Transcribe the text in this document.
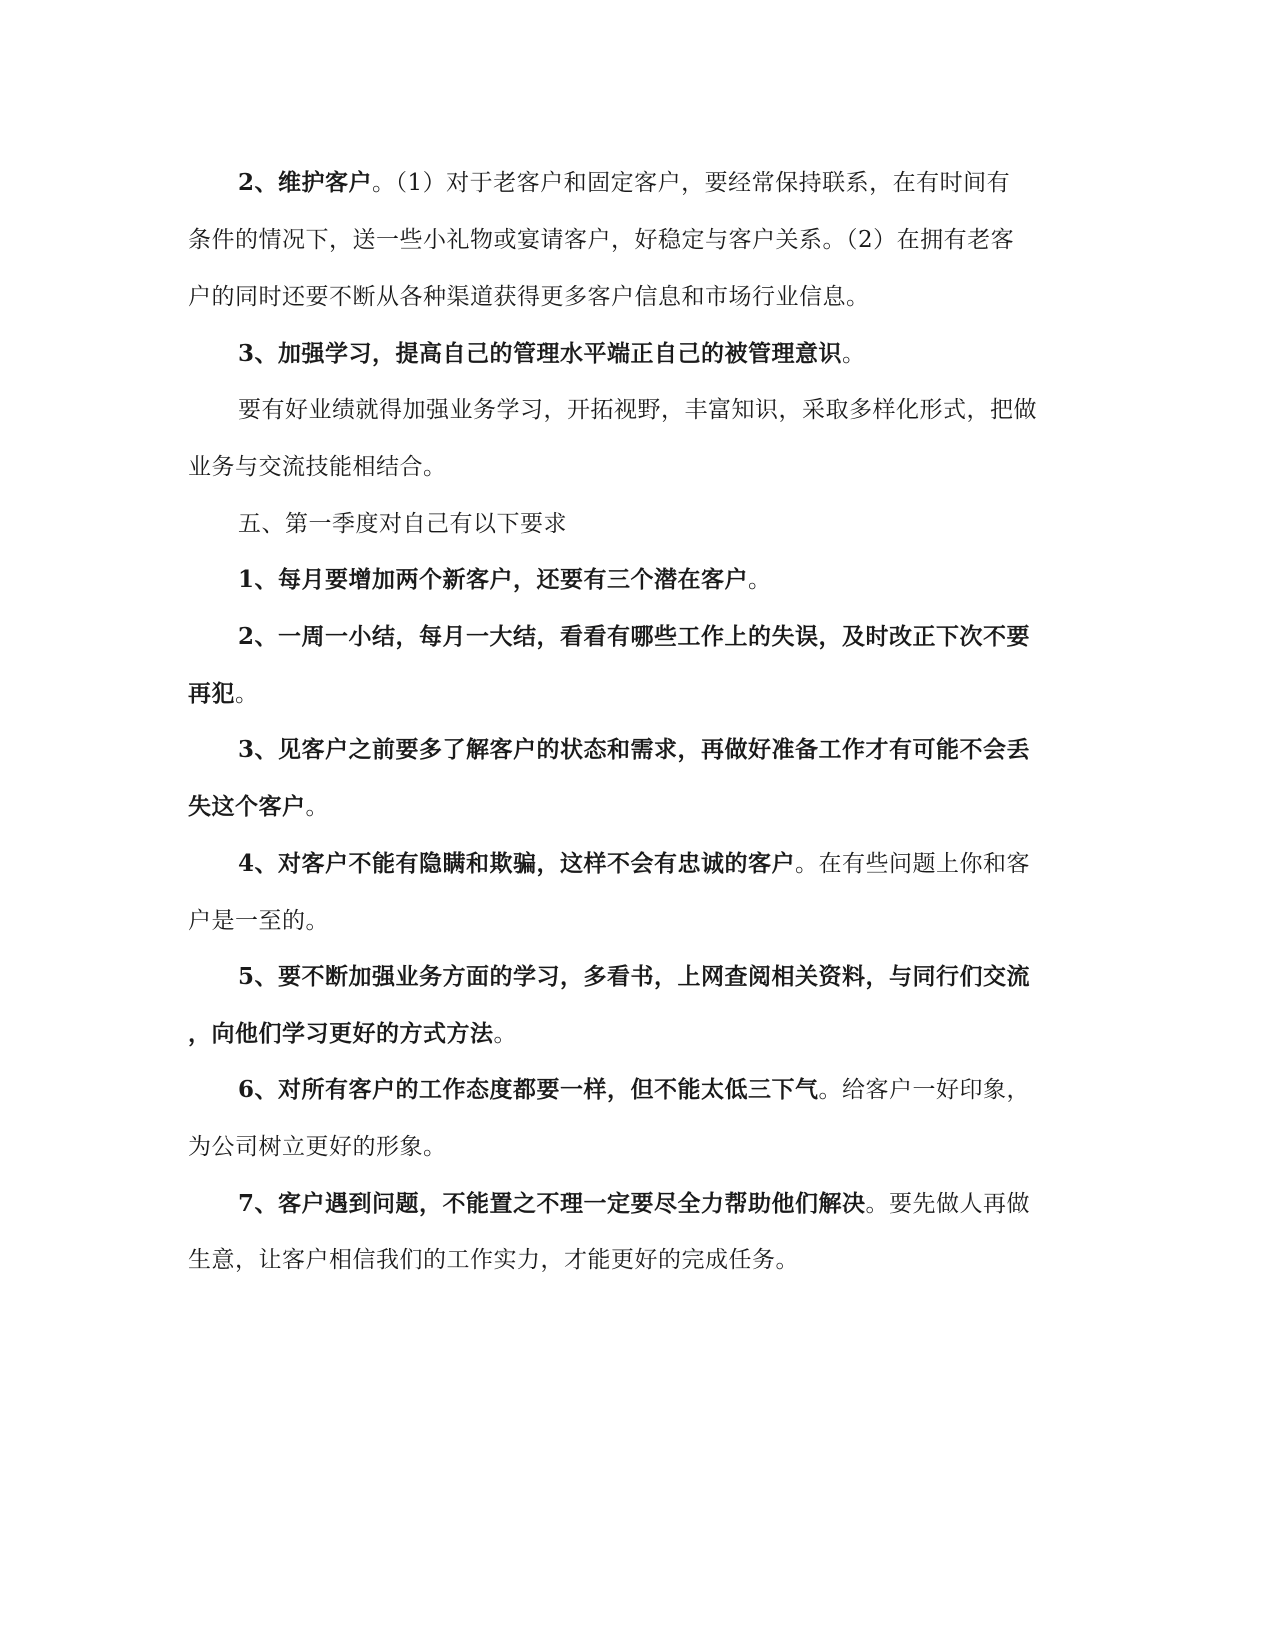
2、维护客户。（1）对于老客户和固定客户，要经常保持联系，在有时间有
条件的情况下，送一些小礼物或宴请客户，好稳定与客户关系。（2）在拥有老客
户的同时还要不断从各种渠道获得更多客户信息和市场行业信息。
3、加强学习，提高自己的管理水平端正自己的被管理意识。
要有好业绩就得加强业务学习，开拓视野，丰富知识，采取多样化形式，把做
业务与交流技能相结合。
五、第一季度对自己有以下要求
1、每月要增加两个新客户，还要有三个潜在客户。
2、一周一小结，每月一大结，看看有哪些工作上的失误，及时改正下次不要
再犯。
3、见客户之前要多了解客户的状态和需求，再做好准备工作才有可能不会丢
失这个客户。
4、对客户不能有隐瞒和欺骗，这样不会有忠诚的客户。在有些问题上你和客
户是一至的。
5、要不断加强业务方面的学习，多看书，上网查阅相关资料，与同行们交流
，向他们学习更好的方式方法。
6、对所有客户的工作态度都要一样，但不能太低三下气。给客户一好印象，
为公司树立更好的形象。
7、客户遇到问题，不能置之不理一定要尽全力帮助他们解决。要先做人再做
生意，让客户相信我们的工作实力，才能更好的完成任务。
